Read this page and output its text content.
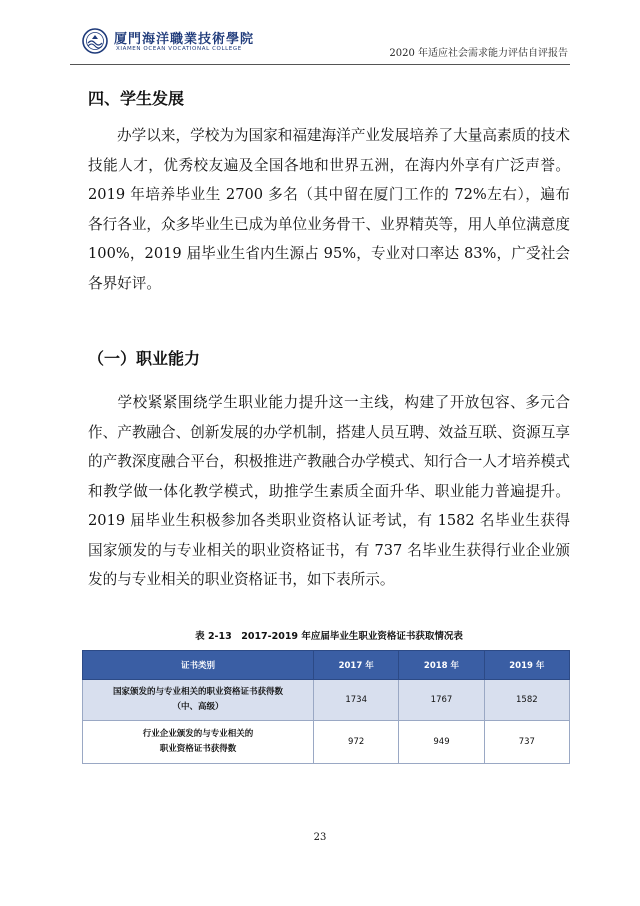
厦門海洋職業技術學院
XIAMEN OCEAN VOCATIONAL COLLEGE	2020 年适应社会需求能力评估自评报告
四、学生发展

办学以来，学校为为国家和福建海洋产业发展培养了大量高素质的技术技能人才，优秀校友遍及全国各地和世界五洲，在海内外享有广泛声誉。2019 年培养毕业生 2700 多名（其中留在厦门工作的 72%左右），遍布各行各业，众多毕业生已成为单位业务骨干、业界精英等，用人单位满意度 100%，2019 届毕业生省内生源占 95%，专业对口率达 83%，广受社会各界好评。

（一）职业能力

学校紧紧围绕学生职业能力提升这一主线，构建了开放包容、多元合作、产教融合、创新发展的办学机制，搭建人员互聘、效益互联、资源互享的产教深度融合平台，积极推进产教融合办学模式、知行合一人才培养模式和教学做一体化教学模式，助推学生素质全面升华、职业能力普遍提升。2019 届毕业生积极参加各类职业资格认证考试，有 1582 名毕业生获得国家颁发的与专业相关的职业资格证书，有 737 名毕业生获得行业企业颁发的与专业相关的职业资格证书，如下表所示。

表 2-13　2017-2019 年应届毕业生职业资格证书获取情况表
证书类别	2017 年	2018 年	2019 年

国家颁发的与专业相关的职业资格证书获得数
（中、高级）	1734	1767	1582

行业企业颁发的与专业相关的
职业资格证书获得数	972	949	737
23
